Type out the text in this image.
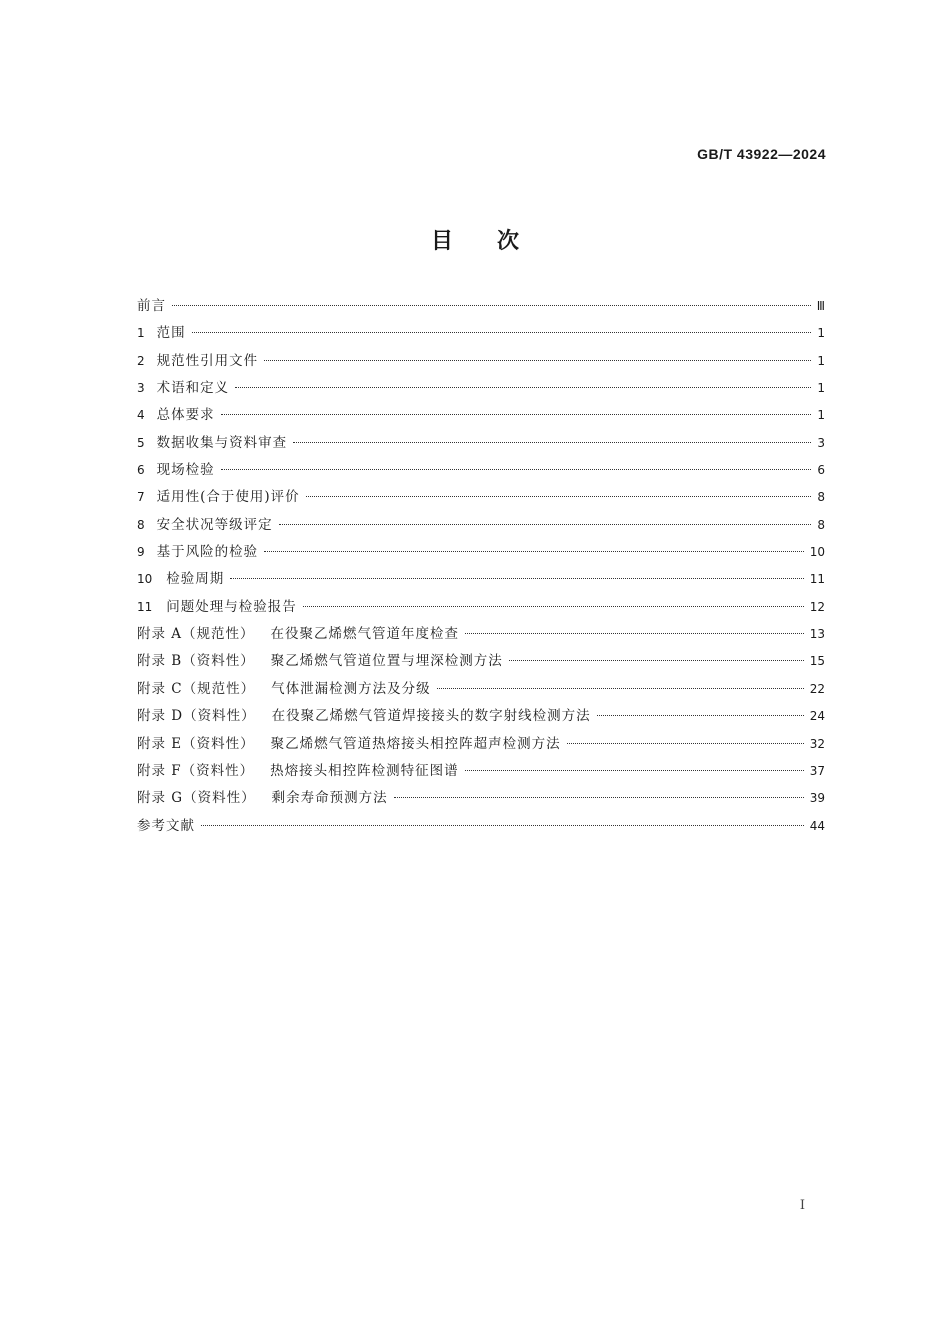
GB/T 43922—2024
目次
前言	Ⅲ
1 范围	1
2 规范性引用文件	1
3 术语和定义	1
4 总体要求	1
5 数据收集与资料审查	3
6 现场检验	6
7 适用性(合于使用)评价	8
8 安全状况等级评定	8
9 基于风险的检验	10
10 检验周期	11
11 问题处理与检验报告	12
附录 A（规范性） 在役聚乙烯燃气管道年度检查	13
附录 B（资料性） 聚乙烯燃气管道位置与埋深检测方法	15
附录 C（规范性） 气体泄漏检测方法及分级	22
附录 D（资料性） 在役聚乙烯燃气管道焊接接头的数字射线检测方法	24
附录 E（资料性） 聚乙烯燃气管道热熔接头相控阵超声检测方法	32
附录 F（资料性） 热熔接头相控阵检测特征图谱	37
附录 G（资料性） 剩余寿命预测方法	39
参考文献	44
I
